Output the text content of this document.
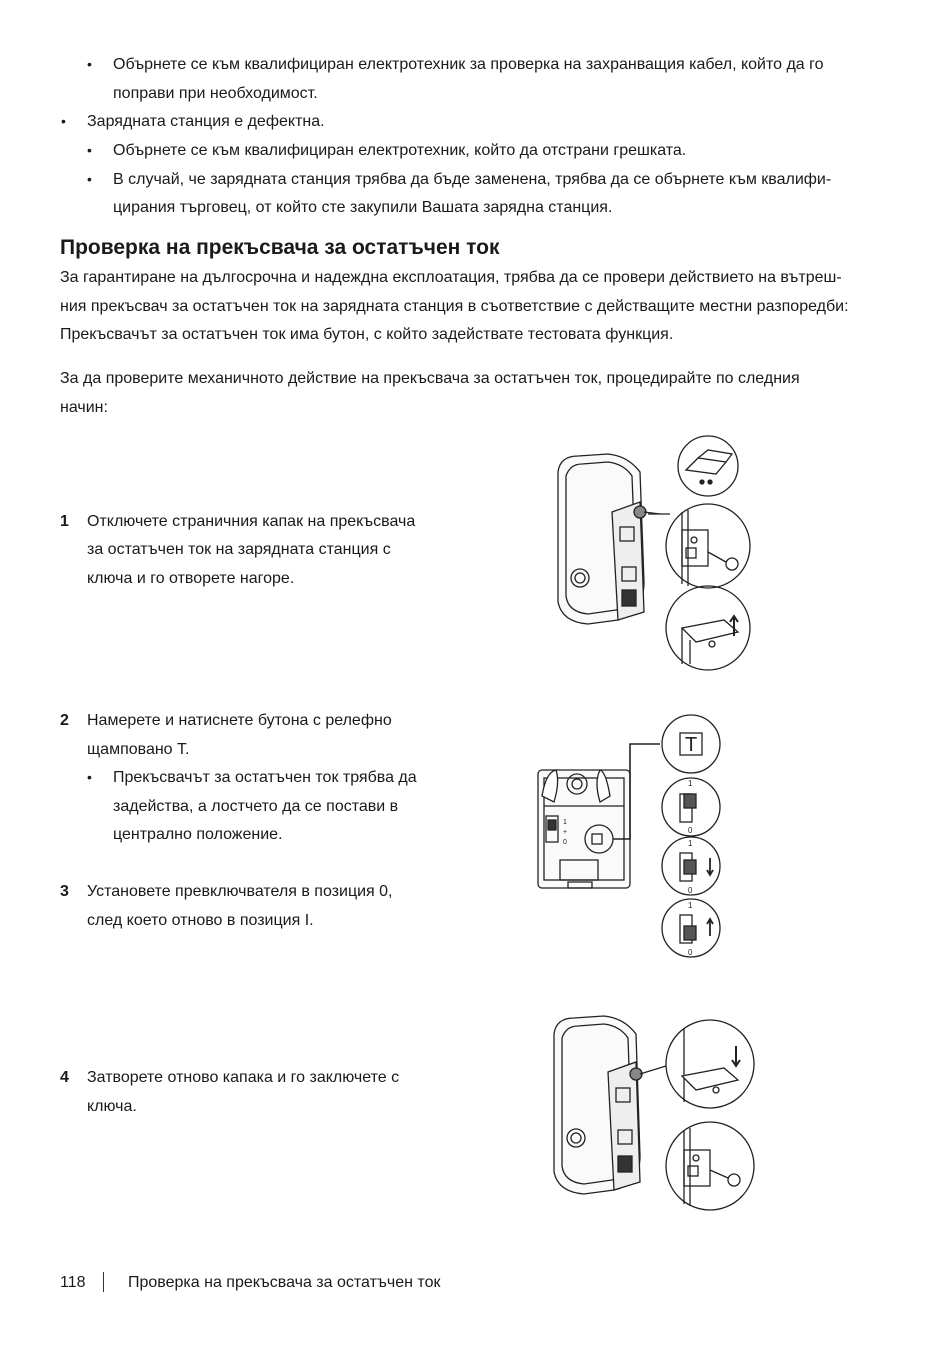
• Обърнете се към квалифициран електротехник за проверка на захранващия кабел, който да го
поправи при необходимост.
• Зарядната станция е дефектна.
• Обърнете се към квалифициран електротехник, който да отстрани грешката.
• В случай, че зарядната станция трябва да бъде заменена, трябва да се обърнете към квалифи-
цирания търговец, от който сте закупили Вашата зарядна станция.
Проверка на прекъсвача за остатъчен ток
За гарантиране на дългосрочна и надеждна експлоатация, трябва да се провери действието на вътреш-
ния прекъсвач за остатъчен ток на зарядната станция в съответствие с действащите местни разпоредби:
Прекъсвачът за остатъчен ток има бутон, с който задействате тестовата функция.
За да проверите механичното действие на прекъсвача за остатъчен ток, процедирайте по следния
начин:
1 Отключете страничния капак на прекъсвача
за остатъчен ток на зарядната станция с
ключа и го отворете нагоре.
2 Намерете и натиснете бутона с релефно
щамповано T.
• Прекъсвачът за остатъчен ток трябва да
задейства, а лостчето да се постави в
централно положение.
3 Установете превключвателя в позиция 0,
след което отново в позиция I.
4 Затворете отново капака и го заключете с
ключа.
1
+
0
T
1
0
1
0
1
0
118	Проверка на прекъсвача за остатъчен ток
